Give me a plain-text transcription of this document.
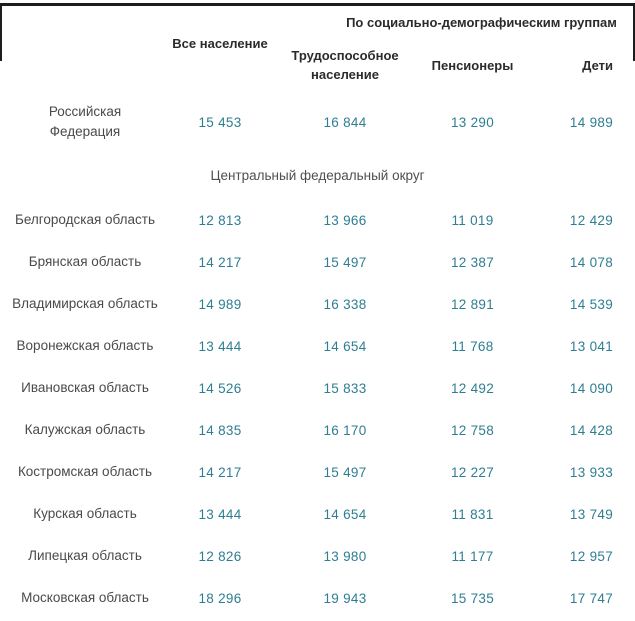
	Все население	По социально-демографическим группам		
		Трудоспособное население	Пенсионеры	Дети

Российская Федерация	15 453	16 844	13 290	14 989
Центральный федеральный округ				
Белгородская область	12 813	13 966	11 019	12 429
Брянская область	14 217	15 497	12 387	14 078
Владимирская область	14 989	16 338	12 891	14 539
Воронежская область	13 444	14 654	11 768	13 041
Ивановская область	14 526	15 833	12 492	14 090
Калужская область	14 835	16 170	12 758	14 428
Костромская область	14 217	15 497	12 227	13 933
Курская область	13 444	14 654	11 831	13 749
Липецкая область	12 826	13 980	11 177	12 957
Московская область	18 296	19 943	15 735	17 747
